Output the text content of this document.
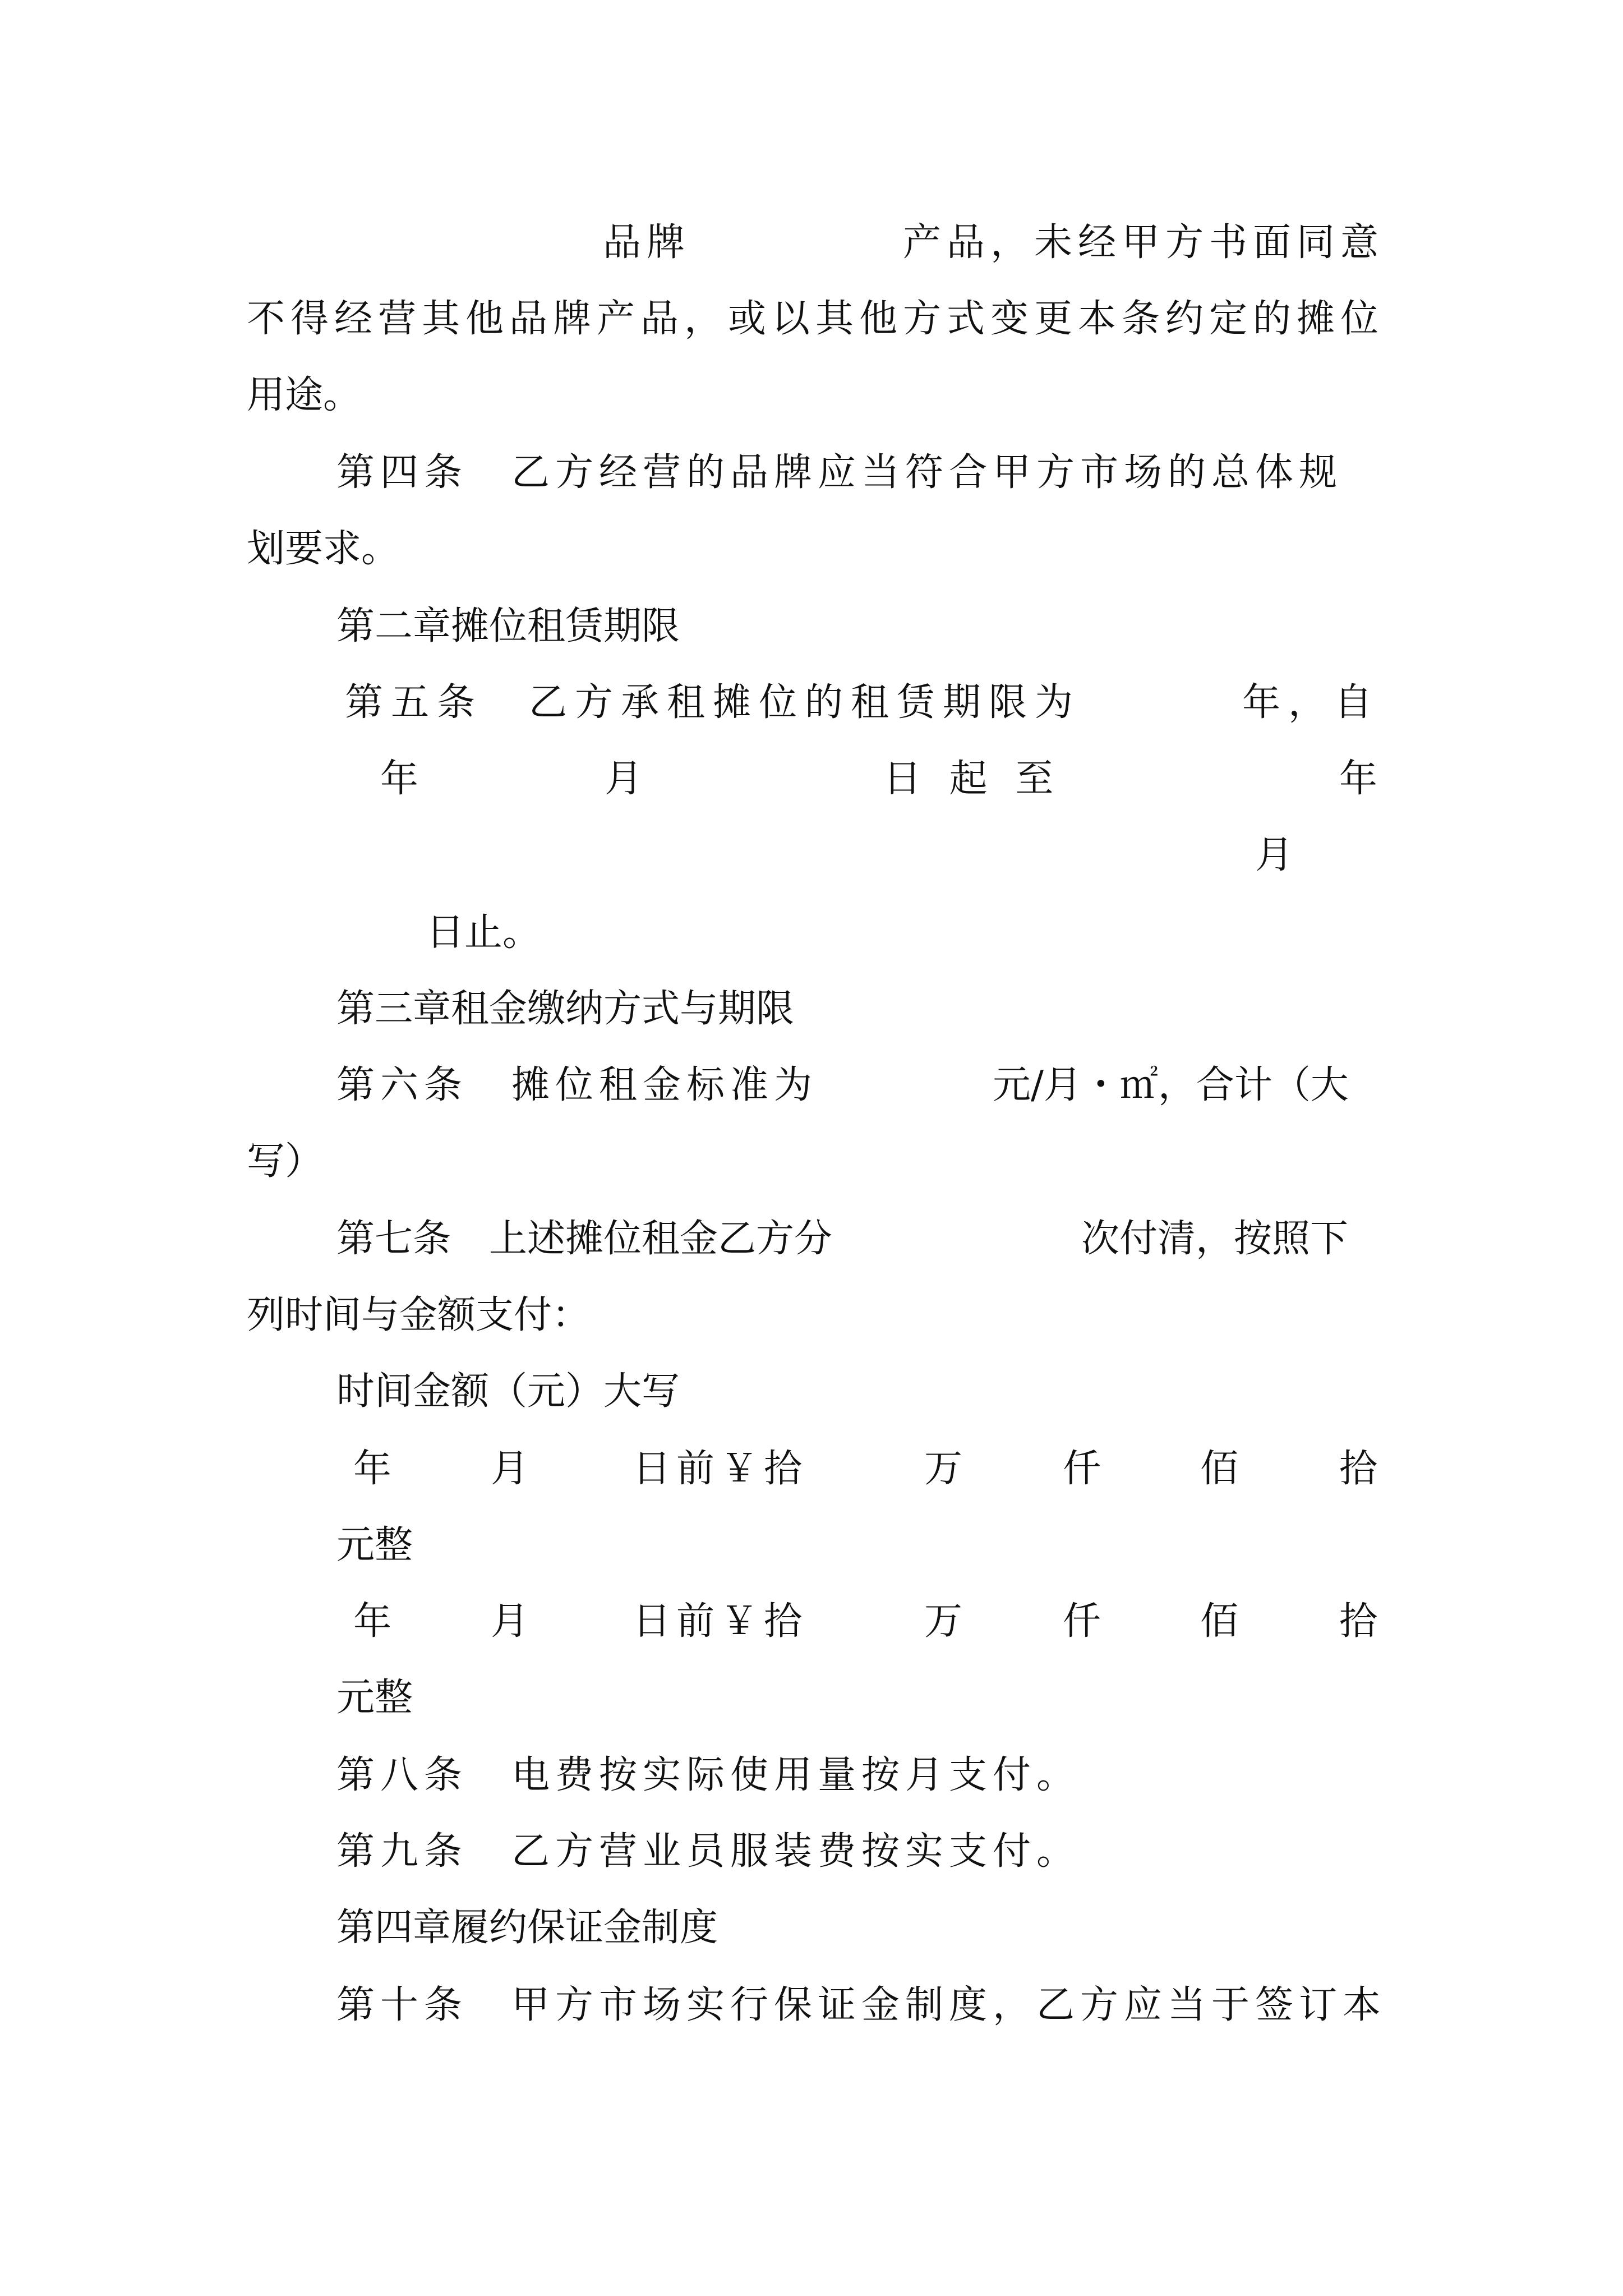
品牌	产品，未经甲方书面同意
不得经营其他品牌产品，或以其他方式变更本条约定的摊位
用途。
第四条　乙方经营的品牌应当符合甲方市场的总体规
划要求。
第二章摊位租赁期限
第五条　乙方承租摊位的租赁期限为	年，自
年	月	日 起 至	年
月
日止。
第三章租金缴纳方式与期限
第六条　摊位租金标准为	元/月・㎡，合计（大
写）
第七条　上述摊位租金乙方分	次付清，按照下
列时间与金额支付：
时间金额（元）大写
年	月	日前￥拾	万	仟	佰	拾
元整
年	月	日前￥拾	万	仟	佰	拾
元整
第八条　电费按实际使用量按月支付。
第九条　乙方营业员服装费按实支付。
第四章履约保证金制度
第十条　甲方市场实行保证金制度，乙方应当于签订本
